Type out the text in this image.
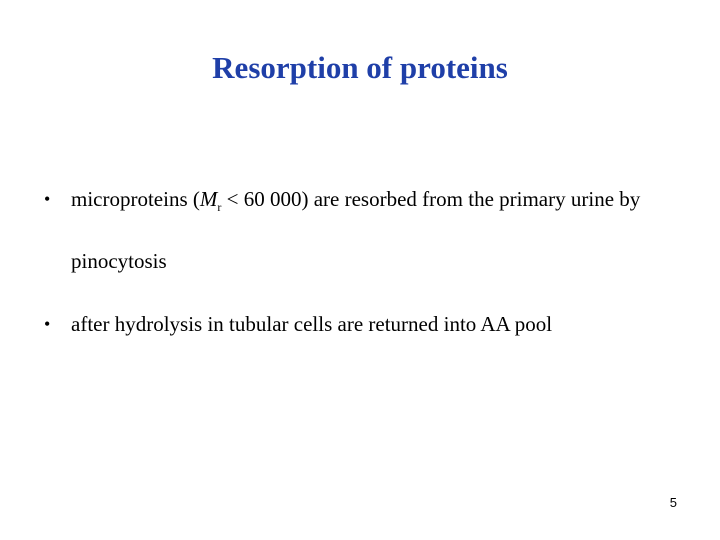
Resorption of proteins
• microproteins ($M_r < 60$ 000) are resorbed from the primary urine by pinocytosis
• after hydrolysis in tubular cells are returned into AA pool
5
